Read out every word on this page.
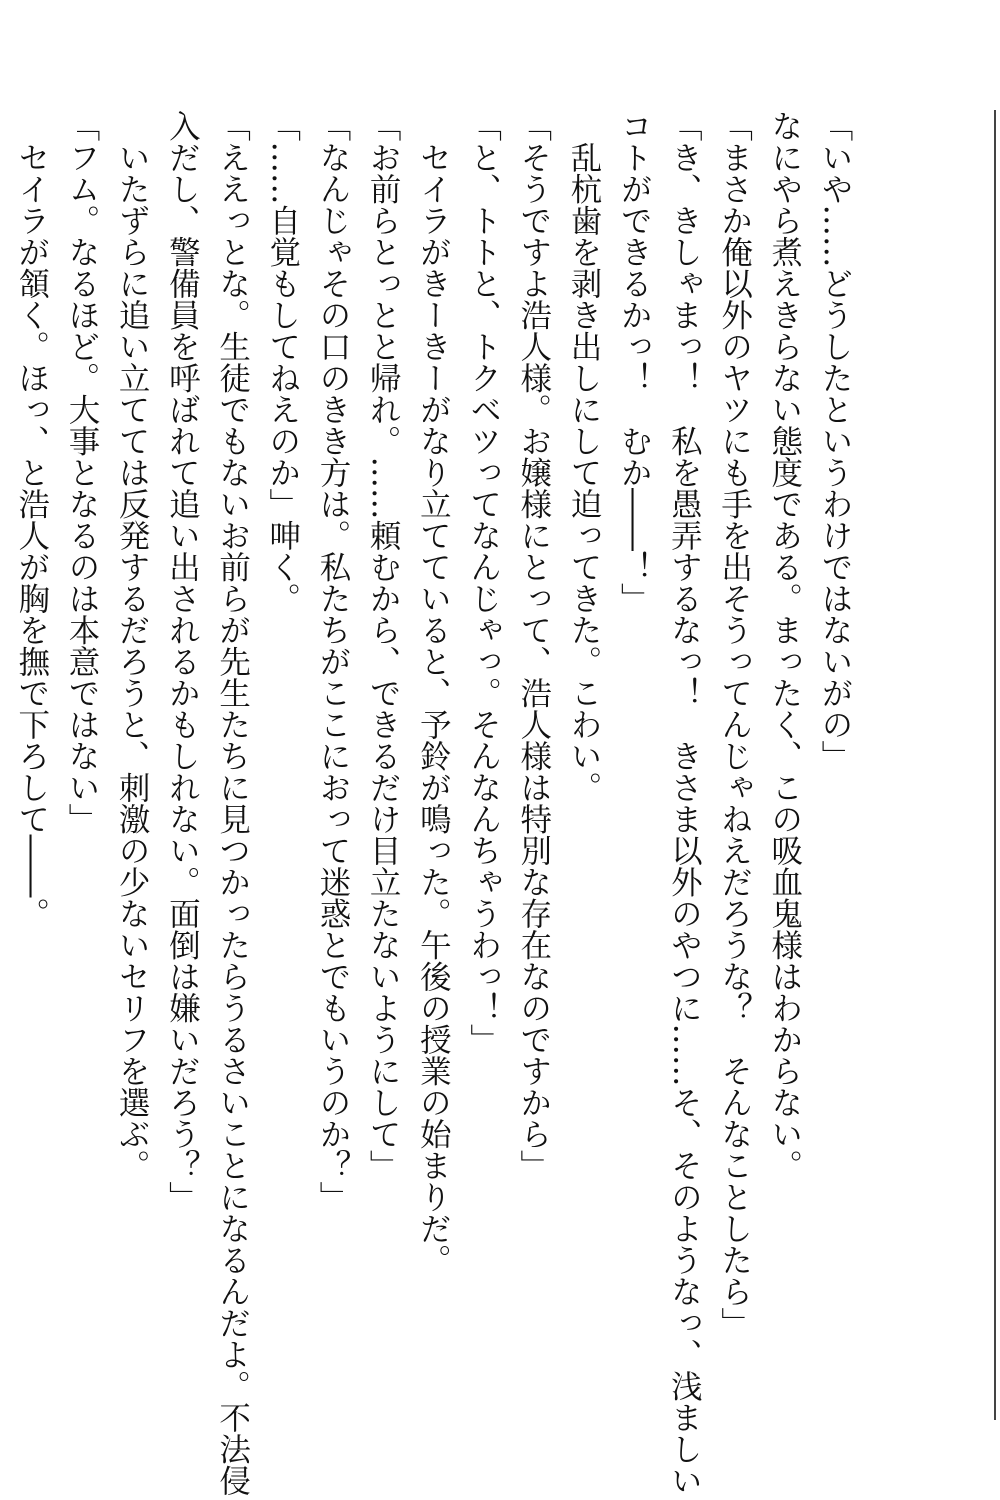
「いや……どうしたというわけではないがの」

なにやら煮えきらない態度である。まったく、この吸血鬼様はわからない。

「まさか俺以外のヤツにも手を出そうってんじゃねえだろうな？　そんなことしたら」

「き、きしゃまっ！　私を愚弄するなっ！　きさま以外のやつに……そ、そのようなっ、浅ましい

コトができるかっ！　むか――！」

　乱杭歯を剥き出しにして迫ってきた。こわい。

「そうですよ浩人様。お嬢様にとって、浩人様は特別な存在なのですから」

「と、トトと、トクベツってなんじゃっ。そんなんちゃうわっ！」

　セイラがきーきーがなり立てていると、予鈴が鳴った。午後の授業の始まりだ。

「お前らとっとと帰れ。……頼むから、できるだけ目立たないようにして」

「なんじゃその口のきき方は。私たちがここにおって迷惑とでもいうのか？」

「……自覚もしてねえのか」呻く。

「ええっとな。生徒でもないお前らが先生たちに見つかったらうるさいことになるんだよ。不法侵

入だし、警備員を呼ばれて追い出されるかもしれない。面倒は嫌いだろう？」

　いたずらに追い立てては反発するだろうと、刺激の少ないセリフを選ぶ。

「フム。なるほど。大事となるのは本意ではない」

　セイラが頷く。ほっ、と浩人が胸を撫で下ろして――。
